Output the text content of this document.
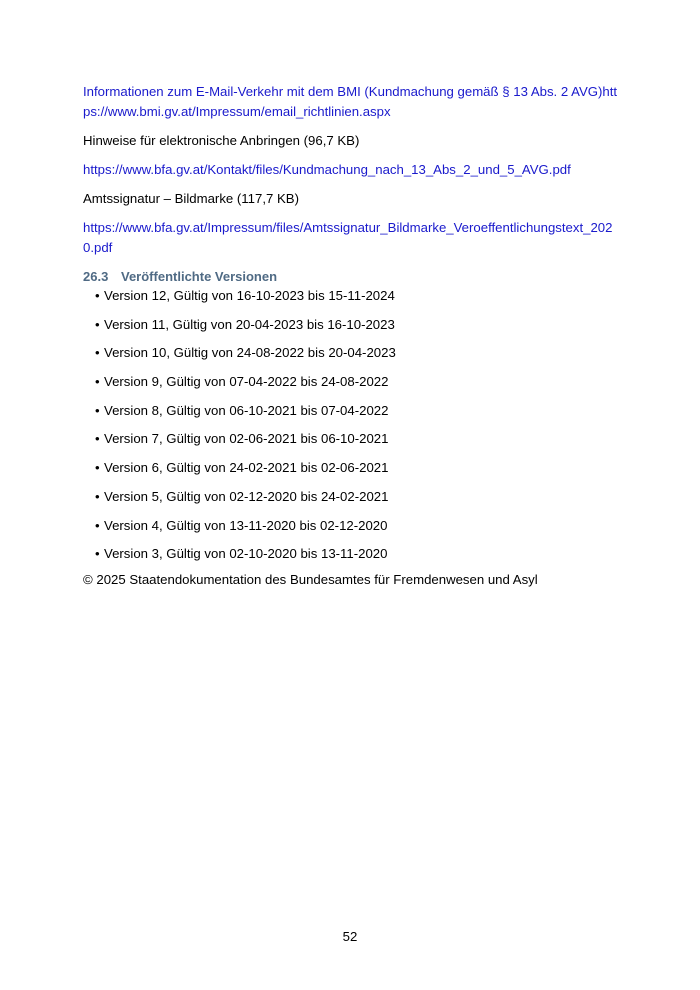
Informationen zum E-Mail-Verkehr mit dem BMI (Kundmachung gemäß § 13 Abs. 2 AVG)https://www.bmi.gv.at/Impressum/email_richtlinien.aspx
Hinweise für elektronische Anbringen (96,7 KB)
https://www.bfa.gv.at/Kontakt/files/Kundmachung_nach_13_Abs_2_und_5_AVG.pdf
Amtssignatur – Bildmarke (117,7 KB)
https://www.bfa.gv.at/Impressum/files/Amtssignatur_Bildmarke_Veroeffentlichungstext_2020.pdf
26.3 Veröffentlichte Versionen
• Version 12, Gültig von 16-10-2023 bis 15-11-2024
• Version 11, Gültig von 20-04-2023 bis 16-10-2023
• Version 10, Gültig von 24-08-2022 bis 20-04-2023
• Version 9, Gültig von 07-04-2022 bis 24-08-2022
• Version 8, Gültig von 06-10-2021 bis 07-04-2022
• Version 7, Gültig von 02-06-2021 bis 06-10-2021
• Version 6, Gültig von 24-02-2021 bis 02-06-2021
• Version 5, Gültig von 02-12-2020 bis 24-02-2021
• Version 4, Gültig von 13-11-2020 bis 02-12-2020
• Version 3, Gültig von 02-10-2020 bis 13-11-2020
© 2025 Staatendokumentation des Bundesamtes für Fremdenwesen und Asyl
52
